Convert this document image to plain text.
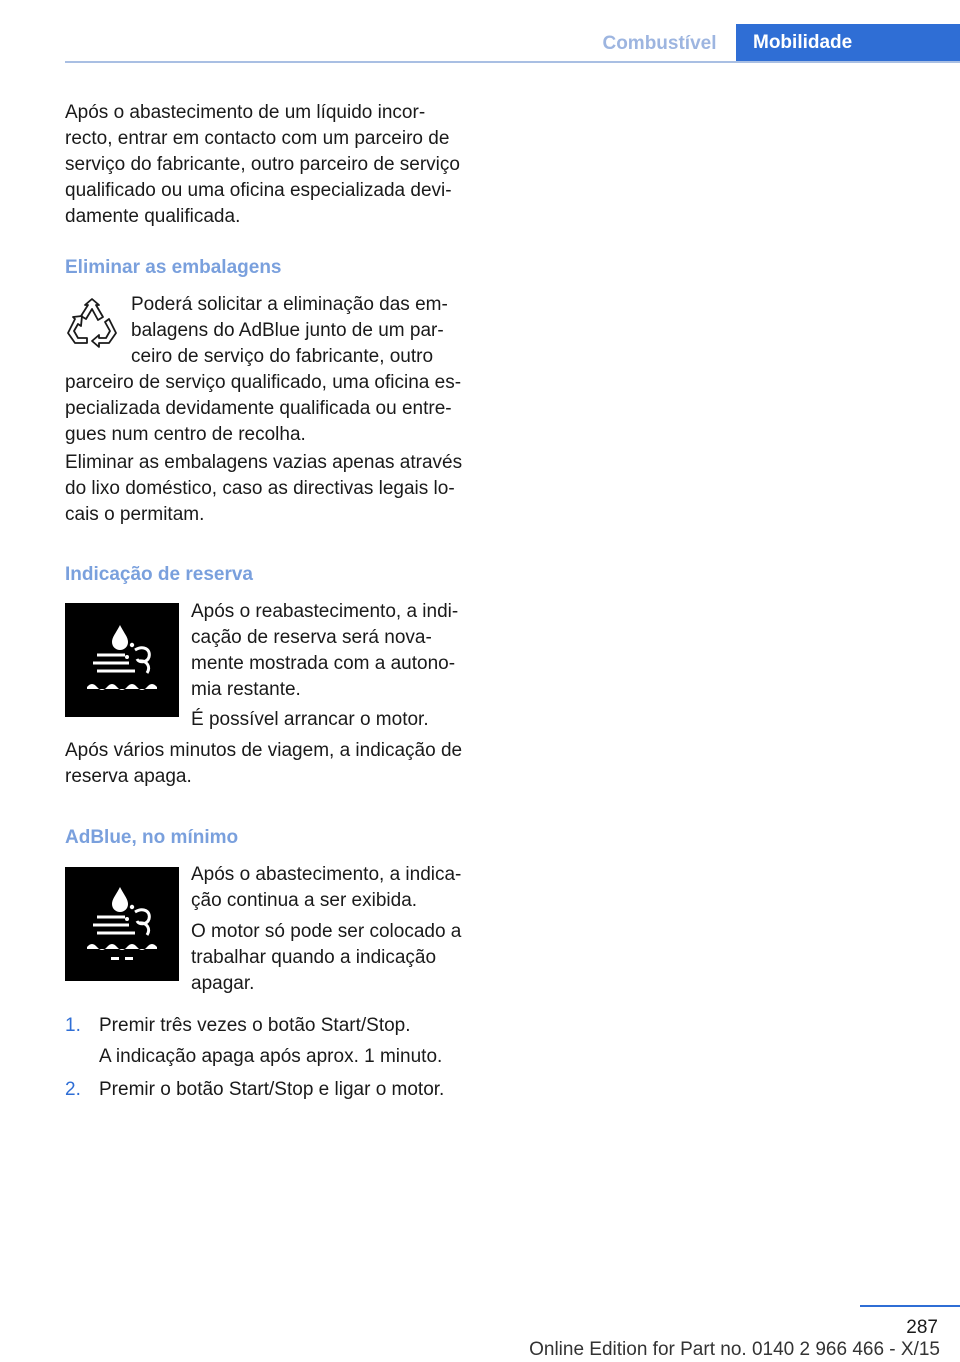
Combustível	Mobilidade
Após o abastecimento de um líquido incor‐
recto, entrar em contacto com um parceiro de
serviço do fabricante, outro parceiro de serviço
qualificado ou uma oficina especializada devi‐
damente qualificada.
Eliminar as embalagens
Poderá solicitar a eliminação das em‐
balagens do AdBlue junto de um par‐
ceiro de serviço do fabricante, outro
parceiro de serviço qualificado, uma oficina es‐
pecializada devidamente qualificada ou entre‐
gues num centro de recolha.
Eliminar as embalagens vazias apenas através
do lixo doméstico, caso as directivas legais lo‐
cais o permitam.
Indicação de reserva
Após o reabastecimento, a indi‐
cação de reserva será nova‐
mente mostrada com a autono‐
mia restante.
É possível arrancar o motor.
Após vários minutos de viagem, a indicação de
reserva apaga.
AdBlue, no mínimo
Após o abastecimento, a indica‐
ção continua a ser exibida.
O motor só pode ser colocado a
trabalhar quando a indicação
apagar.
1. Premir três vezes o botão Start/Stop.
A indicação apaga após aprox. 1 minuto.
2. Premir o botão Start/Stop e ligar o motor.
287
Online Edition for Part no. 0140 2 966 466 - X/15
